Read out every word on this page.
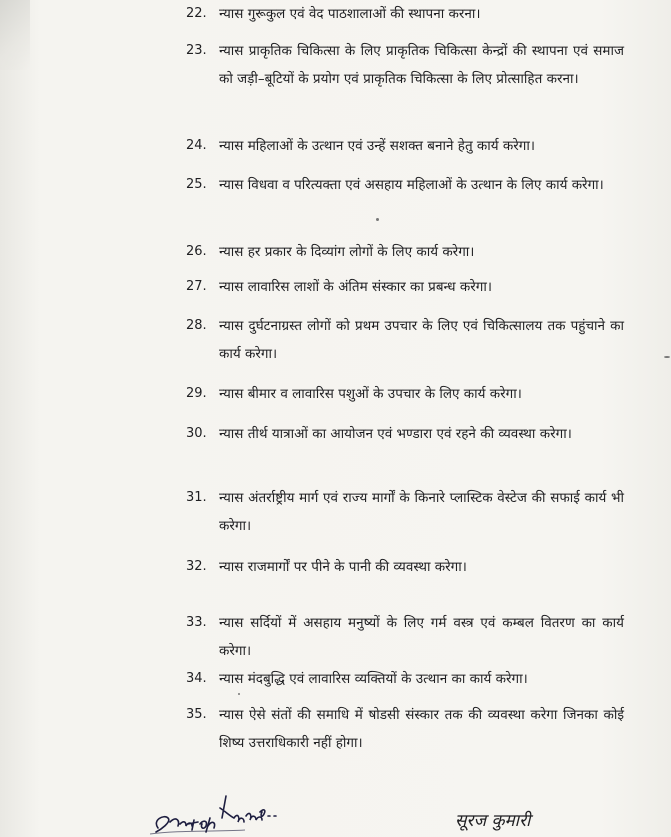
22. न्यास गुरूकुल एवं वेद पाठशालाओं की स्थापना करना।
23. न्यास प्राकृतिक चिकित्सा के लिए प्राकृतिक चिकित्सा केन्द्रों की स्थापना एवं समाज को जड़ी–बूटियों के प्रयोग एवं प्राकृतिक चिकित्सा के लिए प्रोत्साहित करना।
24. न्यास महिलाओं के उत्थान एवं उन्हें सशक्त बनाने हेतु कार्य करेगा।
25. न्यास विधवा व परित्यक्ता एवं असहाय महिलाओं के उत्थान के लिए कार्य करेगा।
26. न्यास हर प्रकार के दिव्यांग लोगों के लिए कार्य करेगा।
27. न्यास लावारिस लाशों के अंतिम संस्कार का प्रबन्ध करेगा।
28. न्यास दुर्घटनाग्रस्त लोगों को प्रथम उपचार के लिए एवं चिकित्सालय तक पहुंचाने का कार्य करेगा।
29. न्यास बीमार व लावारिस पशुओं के उपचार के लिए कार्य करेगा।
30. न्यास तीर्थ यात्राओं का आयोजन एवं भण्डारा एवं रहने की व्यवस्था करेगा।
31. न्यास अंतर्राष्ट्रीय मार्ग एवं राज्य मार्गों के किनारे प्लास्टिक वेस्टेज की सफाई कार्य भी करेगा।
32. न्यास राजमार्गों पर पीने के पानी की व्यवस्था करेगा।
33. न्यास सर्दियों में असहाय मनुष्यों के लिए गर्म वस्त्र एवं कम्बल वितरण का कार्य करेगा।
34. न्यास मंदबुद्धि एवं लावारिस व्यक्तियों के उत्थान का कार्य करेगा।
35. न्यास ऐसे संतों की समाधि में षोडसी संस्कार तक की व्यवस्था करेगा जिनका कोई शिष्य उत्तराधिकारी नहीं होगा।
Santosh Kumar
सूरज कुमारी
